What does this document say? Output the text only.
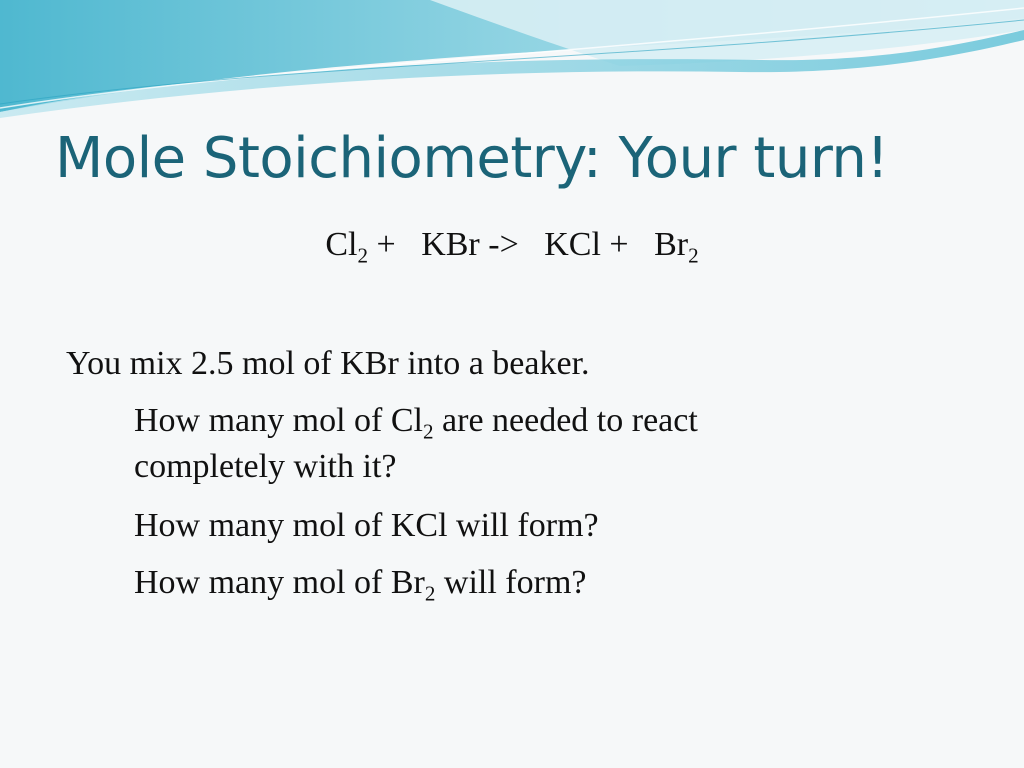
Mole Stoichiometry: Your turn!
$Cl_2$ +   KBr ->   KCl +   $Br_2$
You mix 2.5 mol of KBr into a beaker.
How many mol of $Cl_2$ are needed to react
completely with it?
How many mol of KCl will form?
How many mol of $Br_2$ will form?
